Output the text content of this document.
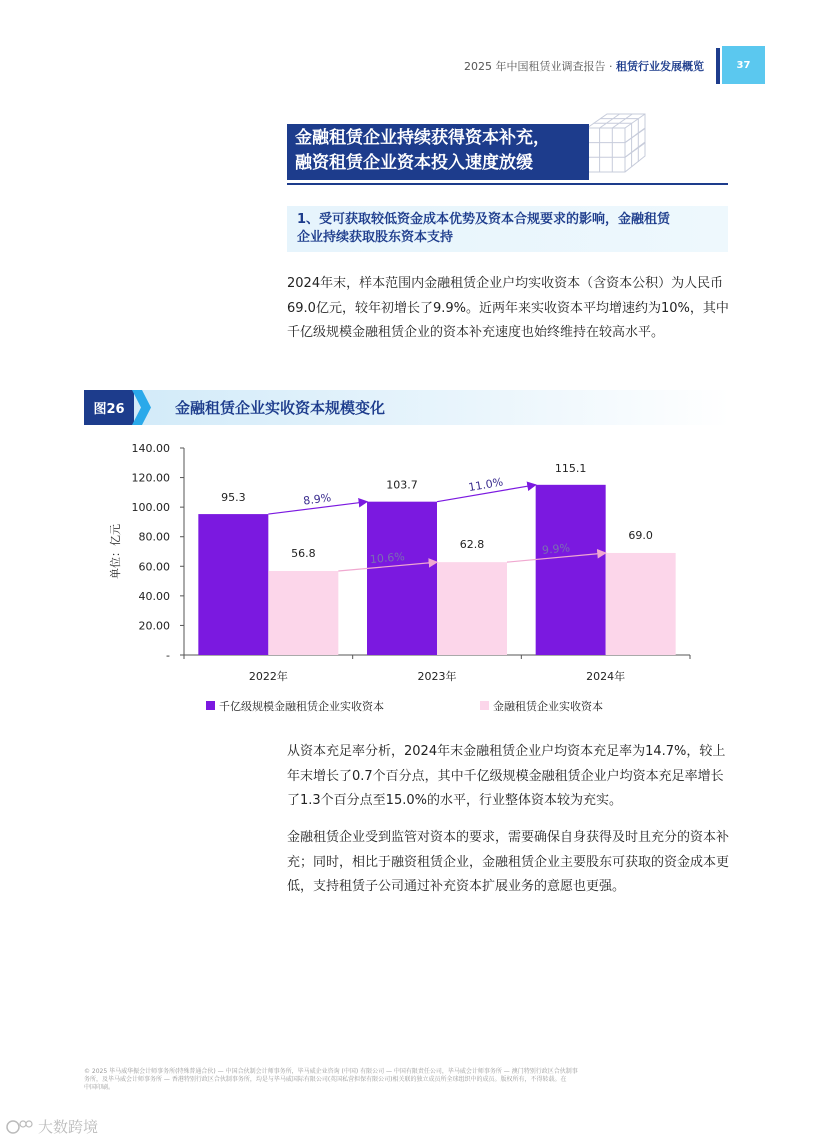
2025 年中国租赁业调查报告 · 租赁行业发展概览	37
金融租赁企业持续获得资本补充，
融资租赁企业资本投入速度放缓
1、受可获取较低资金成本优势及资本合规要求的影响，金融租赁
企业持续获取股东资本支持
2024年末，样本范围内金融租赁企业户均实收资本（含资本公积）为人民币69.0亿元，较年初增长了9.9%。近两年来实收资本平均增速约为10%，其中千亿级规模金融租赁企业的资本补充速度也始终维持在较高水平。
图26	金融租赁企业实收资本规模变化
-
20.00
40.00
60.00
80.00
100.00
120.00
140.00
2022年	2023年	2024年
单位：亿元
95.3
56.8
103.7
62.8
115.1
69.0
8.9%
11.0%
10.6%
9.9%
千亿级规模金融租赁企业实收资本	金融租赁企业实收资本
从资本充足率分析，2024年末金融租赁企业户均资本充足率为14.7%，较上年末增长了0.7个百分点，其中千亿级规模金融租赁企业户均资本充足率增长了1.3个百分点至15.0%的水平，行业整体资本较为充实。
金融租赁企业受到监管对资本的要求，需要确保自身获得及时且充分的资本补充；同时，相比于融资租赁企业，金融租赁企业主要股东可获取的资金成本更低，支持租赁子公司通过补充资本扩展业务的意愿也更强。
© 2025 毕马威华振会计师事务所(特殊普通合伙) — 中国合伙制会计师事务所，毕马威企业咨询 (中国) 有限公司 — 中国有限责任公司，毕马威会计师事务所 — 澳门特别行政区合伙制事
务所，及毕马威会计师事务所 — 香港特别行政区合伙制事务所，均是与毕马威国际有限公司(英国私营担保有限公司)相关联的独立成员所全球组织中的成员。版权所有，不得转载。在
中国印刷。
大数跨境
